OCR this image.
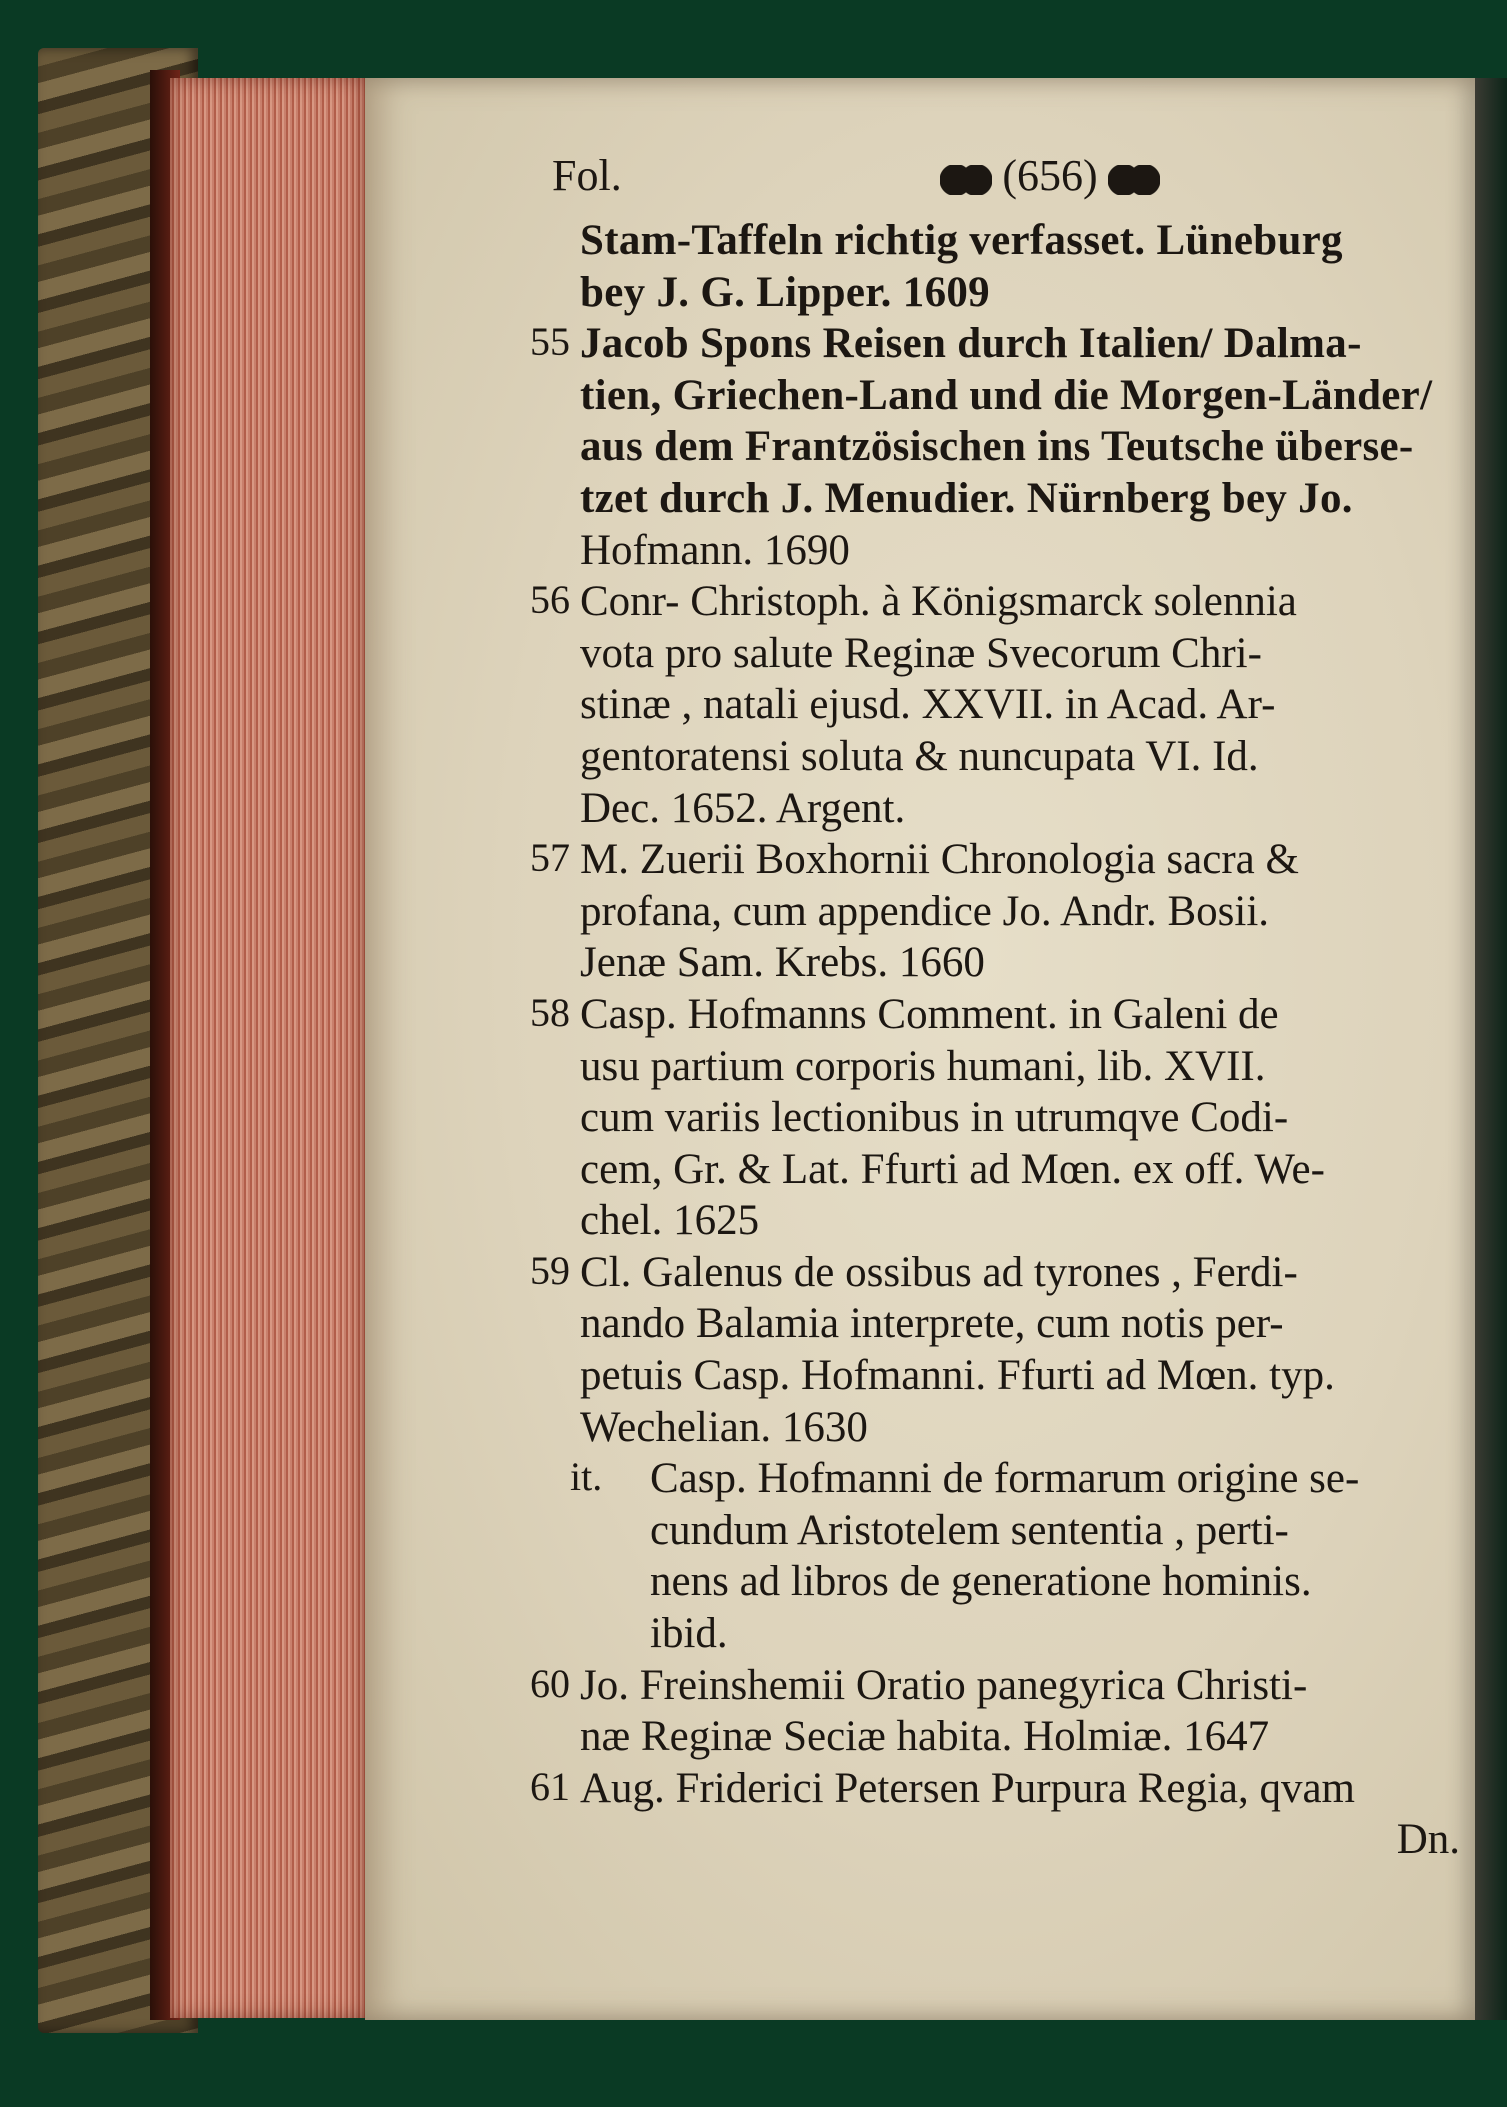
Fol.	(656)
Stam-Taffeln richtig verfasset. Lüneburg
bey J. G. Lipper. 1609
55 Jacob Spons Reisen durch Italien/ Dalma-
tien, Griechen-Land und die Morgen-Länder/
aus dem Frantzösischen ins Teutsche überse-
tzet durch J. Menudier. Nürnberg bey Jo.
Hofmann. 1690
56 Conr- Christoph. à Königsmarck solennia
vota pro salute Reginæ Svecorum Chri-
stinæ , natali ejusd. XXVII. in Acad. Ar-
gentoratensi soluta & nuncupata VI. Id.
Dec. 1652. Argent.
57 M. Zuerii Boxhornii Chronologia sacra &
profana, cum appendice Jo. Andr. Bosii.
Jenæ Sam. Krebs. 1660
58 Casp. Hofmanns Comment. in Galeni de
usu partium corporis humani, lib. XVII.
cum variis lectionibus in utrumqve Codi-
cem, Gr. & Lat. Ffurti ad Mœn. ex off. We-
chel. 1625
59 Cl. Galenus de ossibus ad tyrones , Ferdi-
nando Balamia interprete, cum notis per-
petuis Casp. Hofmanni. Ffurti ad Mœn. typ.
Wechelian. 1630
it.	Casp. Hofmanni de formarum origine se-
cundum Aristotelem sententia , perti-
nens ad libros de generatione hominis.
ibid.
60 Jo. Freinshemii Oratio panegyrica Christi-
næ Reginæ Seciæ habita. Holmiæ. 1647
61 Aug. Friderici Petersen Purpura Regia, qvam
Dn.
